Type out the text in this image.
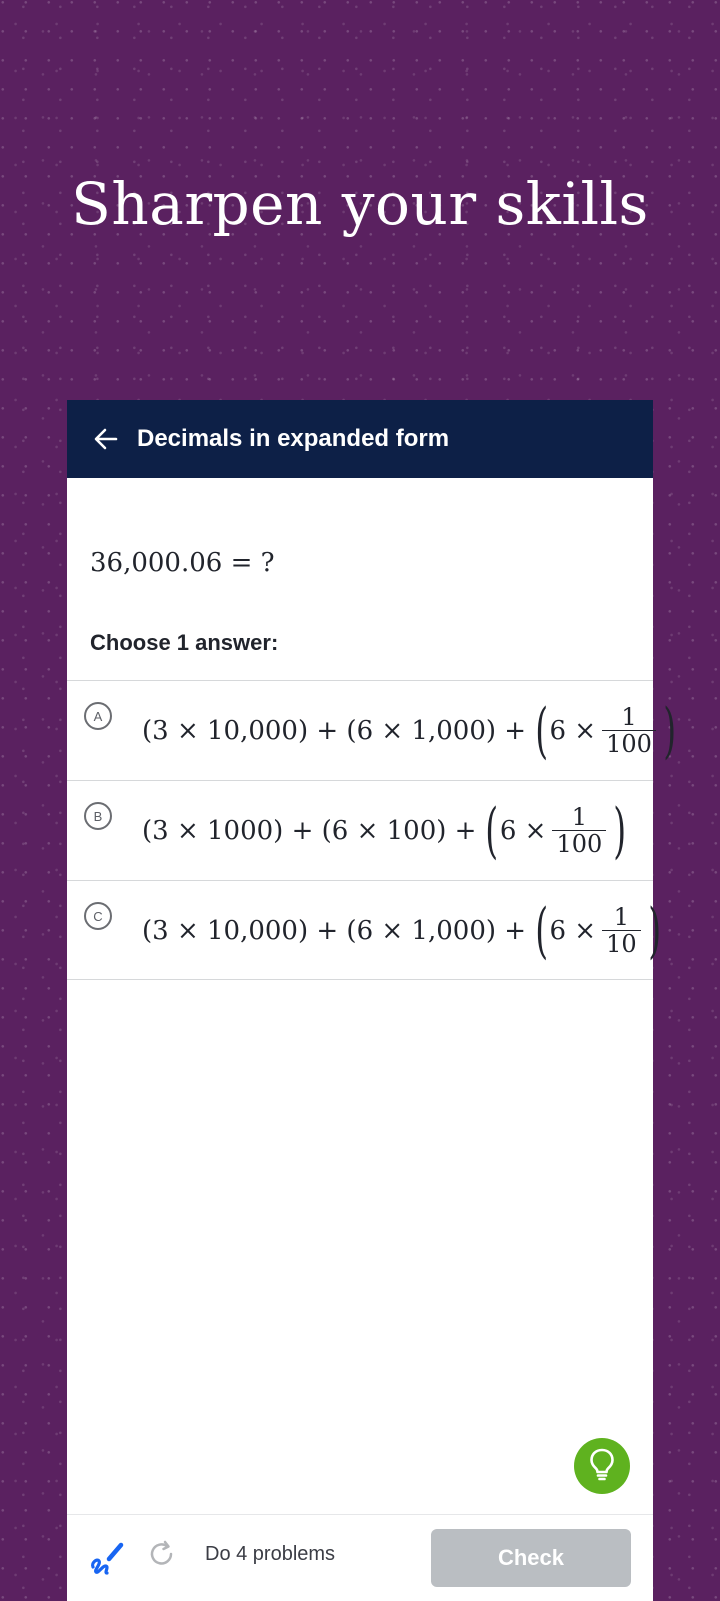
Sharpen your skills
Decimals in expanded form
36,000.06 = ?
Choose 1 answer:
A	(3 × 10,000) + (6 × 1,000) + ( $6 \times \frac{1}{100}$ )
B	(3 × 1000) + (6 × 100) + ( $6 \times \frac{1}{100}$ )
C	(3 × 10,000) + (6 × 1,000) + ( $6 \times \frac{1}{10}$ )
Do 4 problems	Check
